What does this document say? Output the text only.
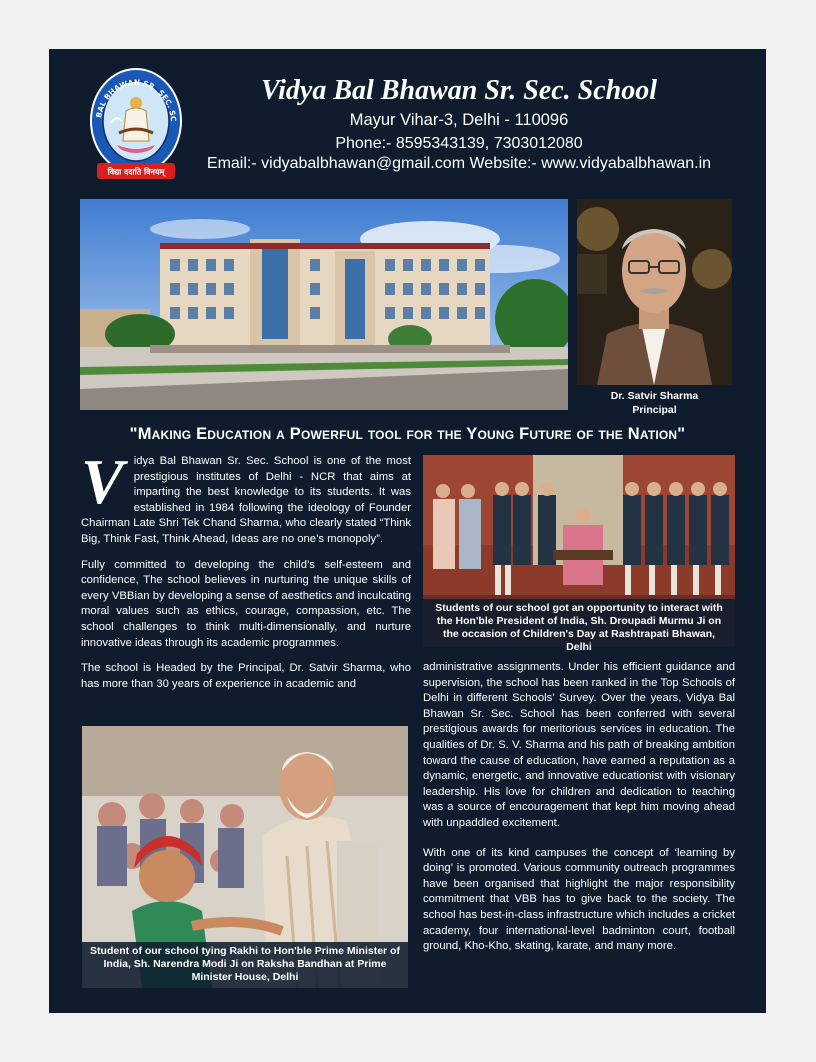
BAL BHAWAN SR. SEC. SC
विद्या ददाति विनयम्
Vidya Bal Bhawan Sr. Sec. School
Mayur Vihar-3, Delhi - 110096
Phone:- 8595343139, 7303012080
Email:- vidyabalbhawan@gmail.com Website:- www.vidyabalbhawan.in
Dr. Satvir Sharma
Principal
"Making Education a Powerful tool for the Young Future of the Nation"

Vidya Bal Bhawan Sr. Sec. School is one of the most prestigious institutes of Delhi - NCR that aims at imparting the best knowledge to its students. It was established in 1984 following the ideology of Founder Chairman Late Shri Tek Chand Sharma, who clearly stated “Think Big, Think Fast, Think Ahead, Ideas are no one’s monopoly”.

Fully committed to developing the child’s self-esteem and confidence, The school believes in nurturing the unique skills of every VBBian by developing a sense of aesthetics and inculcating moral values such as ethics, courage, compassion, etc. The school challenges to think multi-dimensionally, and nurture innovative ideas through its academic programmes.

The school is Headed by the Principal, Dr. Satvir Sharma, who has more than 30 years of experience in academic and

Students of our school got an opportunity to interact with the Hon'ble President of India, Sh. Droupadi Murmu Ji on the occasion of Children's Day at Rashtrapati Bhawan, Delhi

administrative assignments. Under his efficient guidance and supervision, the school has been ranked in the Top Schools of Delhi in different Schools’ Survey. Over the years, Vidya Bal Bhawan Sr. Sec. School has been conferred with several prestigious awards for meritorious services in education. The qualities of Dr. S. V. Sharma and his path of breaking ambition toward the cause of education, have earned a reputation as a dynamic, energetic, and innovative educationist with visionary leadership. His love for children and dedication to teaching was a source of encouragement that kept him moving ahead with unpaddled excitement.

With one of its kind campuses the concept of ‘learning by doing’ is promoted. Various community outreach programmes have been organised that highlight the major responsibility commitment that VBB has to give back to the society. The school has best-in-class infrastructure which includes a cricket academy, four international-level badminton court, football ground, Kho-Kho, skating, karate, and many more.

Student of our school tying Rakhi to Hon'ble Prime Minister of India, Sh. Narendra Modi Ji on Raksha Bandhan at Prime Minister House, Delhi
